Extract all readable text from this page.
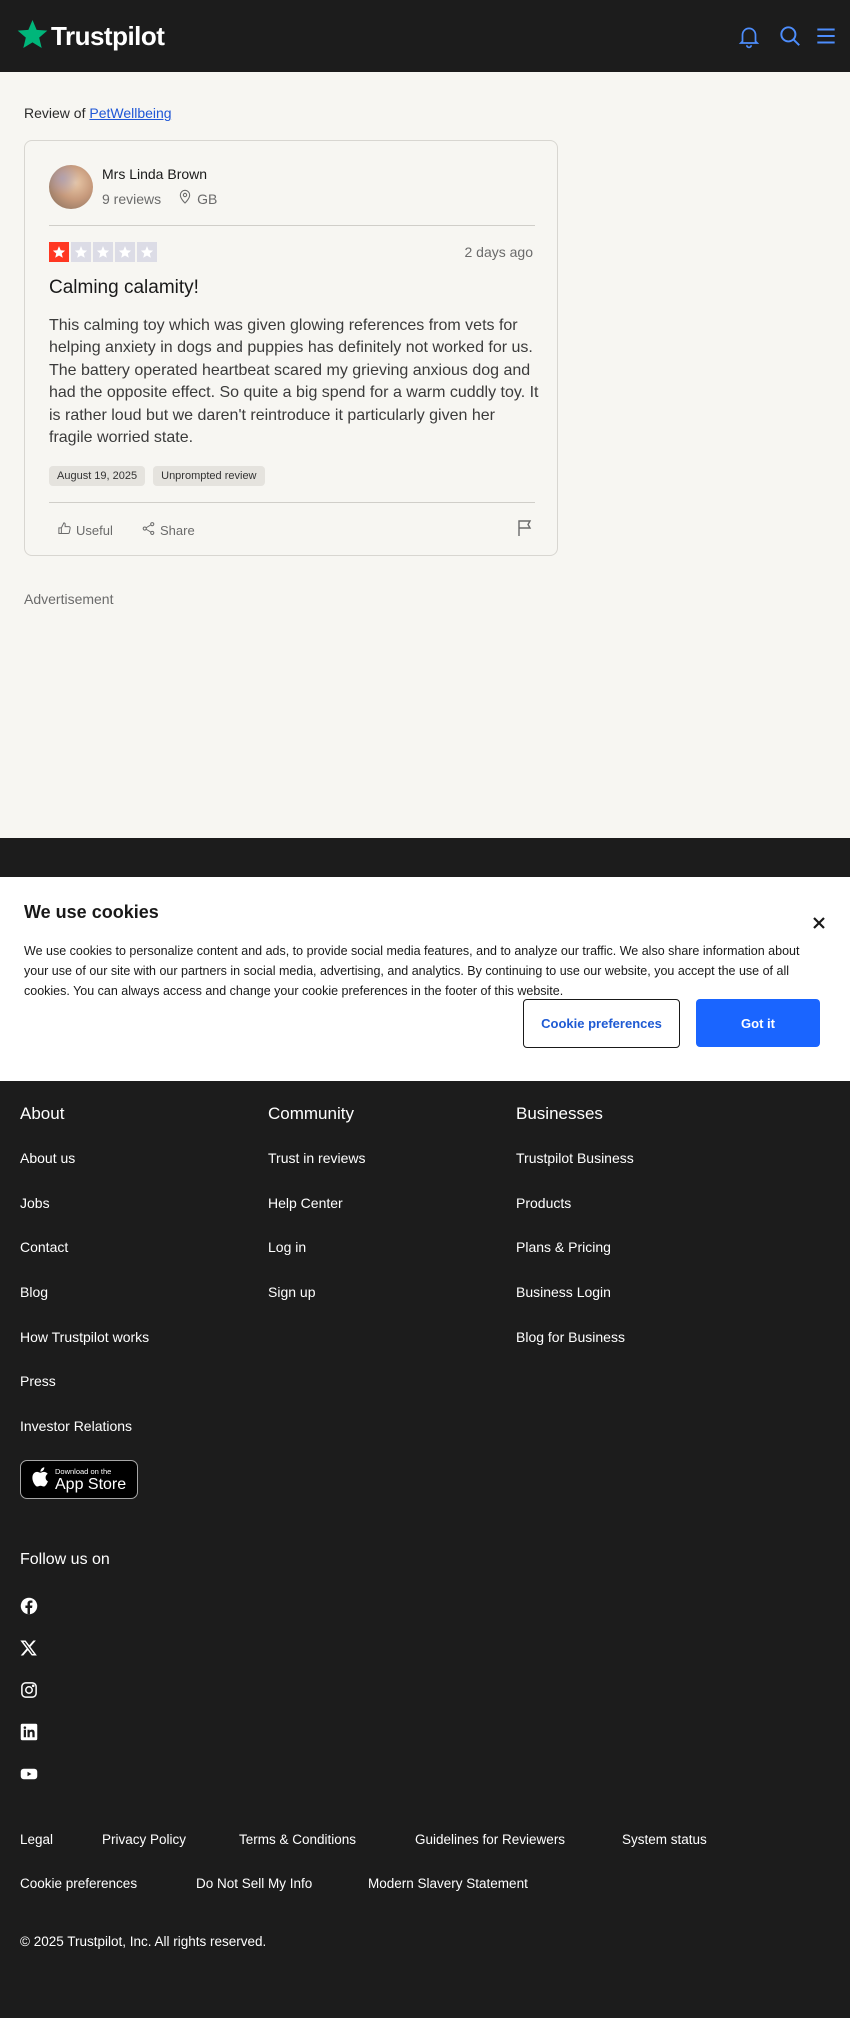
Trustpilot
Review of PetWellbeing
Mrs Linda Brown
9 reviews	GB
2 days ago
Calming calamity!

This calming toy which was given glowing references from vets for helping anxiety in dogs and puppies has definitely not worked for us. The battery operated heartbeat scared my grieving anxious dog and had the opposite effect. So quite a big spend for a warm cuddly toy. It is rather loud but we daren't reintroduce it particularly given her fragile worried state.

August 19, 2025	Unprompted review
Useful	Share
Advertisement
We use cookies

We use cookies to personalize content and ads, to provide social media features, and to analyze our traffic. We also share information about your use of our site with our partners in social media, advertising, and analytics. By continuing to use our website, you accept the use of all cookies. You can always access and change your cookie preferences in the footer of this website.

Cookie preferences	Got it
About	Community	Businesses
About us
Jobs
Contact
Blog
How Trustpilot works
Press
Investor Relations
Trust in reviews
Help Center
Log in
Sign up
Trustpilot Business
Products
Plans & Pricing
Business Login
Blog for Business
Download on the
App Store
Follow us on
Legal	Privacy Policy	Terms & Conditions	Guidelines for Reviewers	System status
Cookie preferences	Do Not Sell My Info	Modern Slavery Statement
© 2025 Trustpilot, Inc. All rights reserved.
